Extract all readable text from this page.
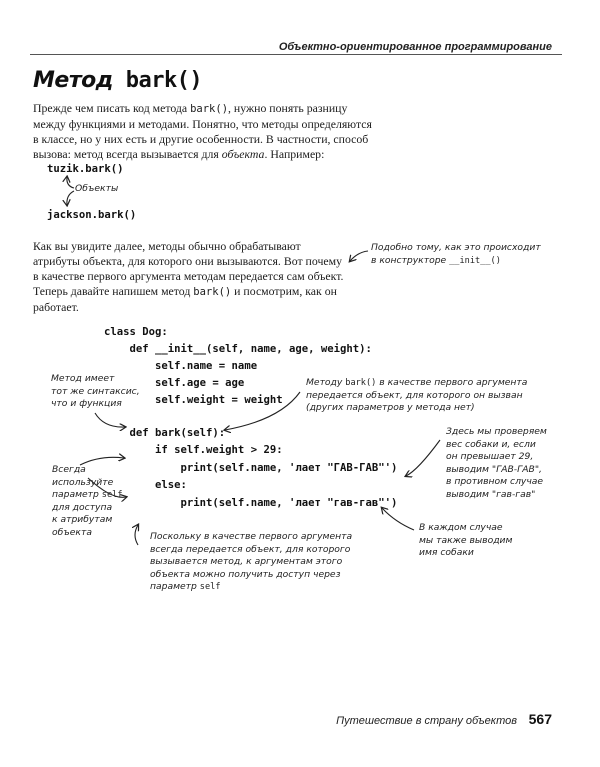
Объектно-ориентированное программирование
Метод bark()
Прежде чем писать код метода bark(), нужно понять разницу между функциями и методами. Понятно, что методы определяются в классе, но у них есть и другие особенности. В частности, способ вызова: метод всегда вызывается для объекта. Например:
tuzik.bark()
Объекты
jackson.bark()
Как вы увидите далее, методы обычно обрабатывают атрибуты объекта, для которого они вызываются. Вот почему в качестве первого аргумента методам передается сам объект.
Теперь давайте напишем метод bark() и посмотрим, как он работает.
Подобно тому, как это происходит
в конструкторе __init__()
class Dog:
def __init__(self, name, age, weight):
self.name = name
self.age = age
self.weight = weight
def bark(self):
if self.weight > 29:
print(self.name, 'лает "ГАВ-ГАВ"')
else:
print(self.name, 'лает "гав-гав"')
Метод имеет
тот же синтаксис,
что и функция
Методу bark() в качестве первого аргумента
передается объект, для которого он вызван
(других параметров у метода нет)
Здесь мы проверяем
вес собаки и, если
он превышает 29,
выводим "ГАВ-ГАВ",
в противном случае
выводим "гав-гав"
Всегда
используйте
параметр self
для доступа
к атрибутам
объекта	Поскольку в качестве первого аргумента
всегда передается объект, для которого
вызывается метод, к аргументам этого
объекта можно получить доступ через
параметр self
В каждом случае
мы также выводим
имя собаки
Путешествие в страну объектов 567
